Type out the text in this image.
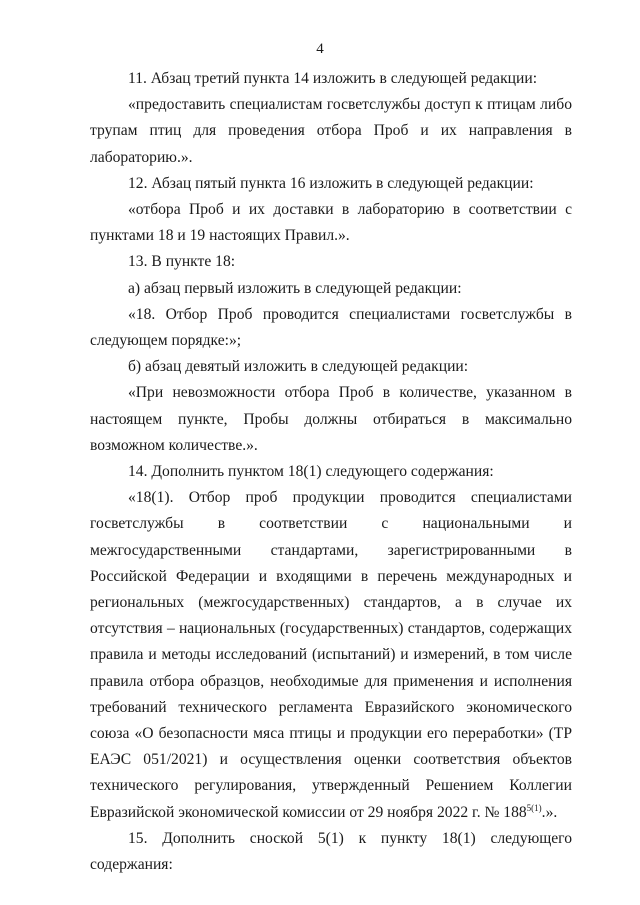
4

11. Абзац третий пункта 14 изложить в следующей редакции:

«предоставить специалистам госветслужбы доступ к птицам либо трупам птиц для проведения отбора Проб и их направления в лабораторию.».

12. Абзац пятый пункта 16 изложить в следующей редакции:

«отбора Проб и их доставки в лабораторию в соответствии с пунктами 18 и 19 настоящих Правил.».

13. В пункте 18:

а) абзац первый изложить в следующей редакции:

«18. Отбор Проб проводится специалистами госветслужбы в следующем порядке:»;

б) абзац девятый изложить в следующей редакции:

«При невозможности отбора Проб в количестве, указанном в настоящем пункте, Пробы должны отбираться в максимально возможном количестве.».

14. Дополнить пунктом 18(1) следующего содержания:

«18(1). Отбор проб продукции проводится специалистами госветслужбы в соответствии с национальными и межгосударственными стандартами, зарегистрированными в Российской Федерации и входящими в перечень международных и региональных (межгосударственных) стандартов, а в случае их отсутствия – национальных (государственных) стандартов, содержащих правила и методы исследований (испытаний) и измерений, в том числе правила отбора образцов, необходимые для применения и исполнения требований технического регламента Евразийского экономического союза «О безопасности мяса птицы и продукции его переработки» (ТР ЕАЭС 051/2021) и осуществления оценки соответствия объектов технического регулирования, утвержденный Решением Коллегии Евразийской экономической комиссии от 29 ноября 2022 г. № $188^{5(1)}$.».

15. Дополнить сноской 5(1) к пункту 18(1) следующего содержания:
